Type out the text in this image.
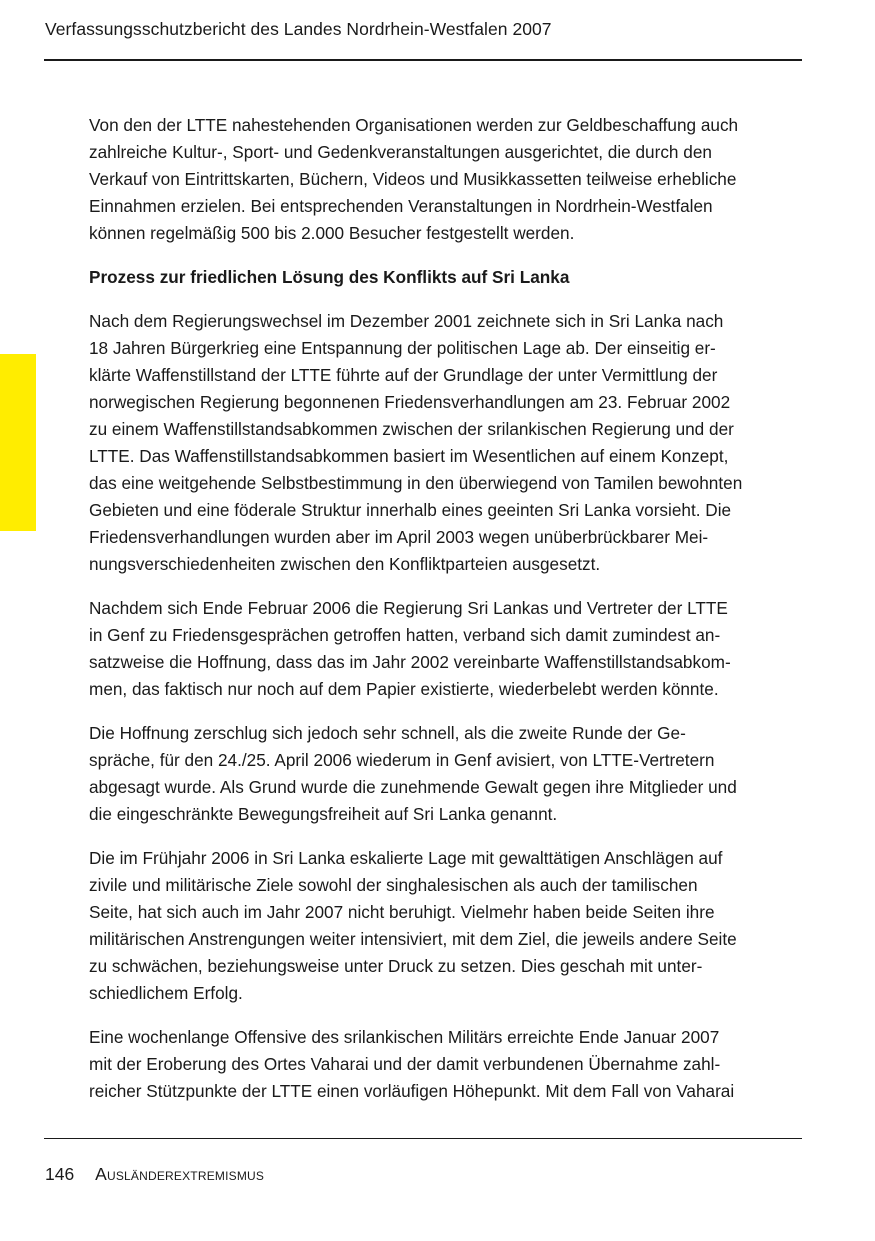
Verfassungsschutzbericht des Landes Nordrhein-Westfalen 2007

Von den der LTTE nahestehenden Organisationen werden zur Geldbeschaffung auch
zahlreiche Kultur-, Sport- und Gedenkveranstaltungen ausgerichtet, die durch den
Verkauf von Eintrittskarten, Büchern, Videos und Musikkassetten teilweise erhebliche
Einnahmen erzielen. Bei entsprechenden Veranstaltungen in Nordrhein-Westfalen
können regelmäßig 500 bis 2.000 Besucher festgestellt werden.

Prozess zur friedlichen Lösung des Konflikts auf Sri Lanka

Nach dem Regierungswechsel im Dezember 2001 zeichnete sich in Sri Lanka nach
18 Jahren Bürgerkrieg eine Entspannung der politischen Lage ab. Der einseitig er-
klärte Waffenstillstand der LTTE führte auf der Grundlage der unter Vermittlung der
norwegischen Regierung begonnenen Friedensverhandlungen am 23. Februar 2002
zu einem Waffenstillstandsabkommen zwischen der srilankischen Regierung und der
LTTE. Das Waffenstillstandsabkommen basiert im Wesentlichen auf einem Konzept,
das eine weitgehende Selbstbestimmung in den überwiegend von Tamilen bewohnten
Gebieten und eine föderale Struktur innerhalb eines geeinten Sri Lanka vorsieht. Die
Friedensverhandlungen wurden aber im April 2003 wegen unüberbrückbarer Mei-
nungsverschiedenheiten zwischen den Konfliktparteien ausgesetzt.

Nachdem sich Ende Februar 2006 die Regierung Sri Lankas und Vertreter der LTTE
in Genf zu Friedensgesprächen getroffen hatten, verband sich damit zumindest an-
satzweise die Hoffnung, dass das im Jahr 2002 vereinbarte Waffenstillstandsabkom-
men, das faktisch nur noch auf dem Papier existierte, wiederbelebt werden könnte.

Die Hoffnung zerschlug sich jedoch sehr schnell, als die zweite Runde der Ge-
spräche, für den 24./25. April 2006 wiederum in Genf avisiert, von LTTE-Vertretern
abgesagt wurde. Als Grund wurde die zunehmende Gewalt gegen ihre Mitglieder und
die eingeschränkte Bewegungsfreiheit auf Sri Lanka genannt.

Die im Frühjahr 2006 in Sri Lanka eskalierte Lage mit gewalttätigen Anschlägen auf
zivile und militärische Ziele sowohl der singhalesischen als auch der tamilischen
Seite, hat sich auch im Jahr 2007 nicht beruhigt. Vielmehr haben beide Seiten ihre
militärischen Anstrengungen weiter intensiviert, mit dem Ziel, die jeweils andere Seite
zu schwächen, beziehungsweise unter Druck zu setzen. Dies geschah mit unter-
schiedlichem Erfolg.

Eine wochenlange Offensive des srilankischen Militärs erreichte Ende Januar 2007
mit der Eroberung des Ortes Vaharai und der damit verbundenen Übernahme zahl-
reicher Stützpunkte der LTTE einen vorläufigen Höhepunkt. Mit dem Fall von Vaharai

146 Ausländerextremismus
